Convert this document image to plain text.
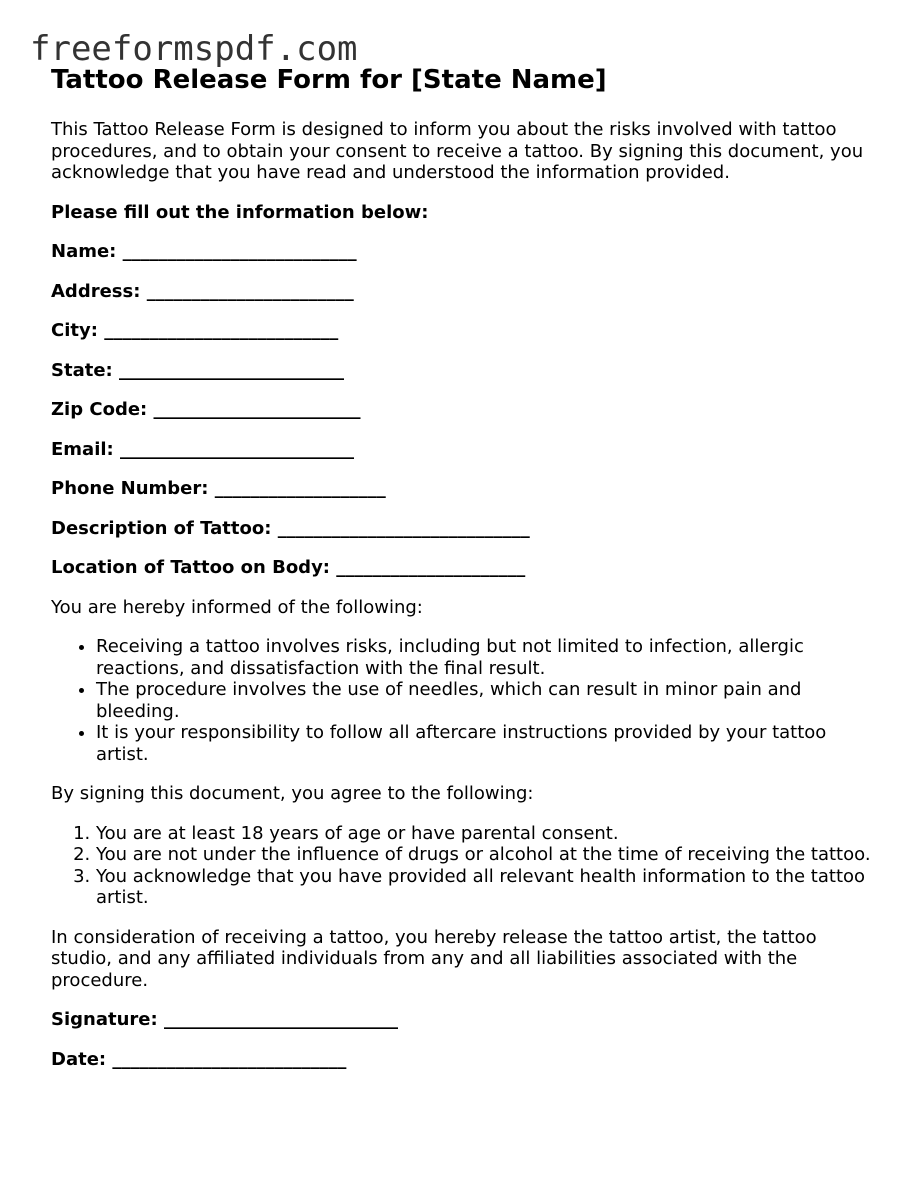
freeformspdf.com
Tattoo Release Form for [State Name]

This Tattoo Release Form is designed to inform you about the risks involved with tattoo procedures, and to obtain your consent to receive a tattoo. By signing this document, you acknowledge that you have read and understood the information provided.

Please fill out the information below:

Name: __________________________

Address: _______________________

City: __________________________

State: _________________________

Zip Code: _______________________

Email: __________________________

Phone Number: ___________________

Description of Tattoo: ____________________________

Location of Tattoo on Body: _____________________

You are hereby informed of the following:

• Receiving a tattoo involves risks, including but not limited to infection, allergic reactions, and dissatisfaction with the final result.
• The procedure involves the use of needles, which can result in minor pain and bleeding.
• It is your responsibility to follow all aftercare instructions provided by your tattoo artist.

By signing this document, you agree to the following:

1. You are at least 18 years of age or have parental consent.
2. You are not under the influence of drugs or alcohol at the time of receiving the tattoo.
3. You acknowledge that you have provided all relevant health information to the tattoo artist.

In consideration of receiving a tattoo, you hereby release the tattoo artist, the tattoo studio, and any affiliated individuals from any and all liabilities associated with the procedure.

Signature: __________________________

Date: __________________________
